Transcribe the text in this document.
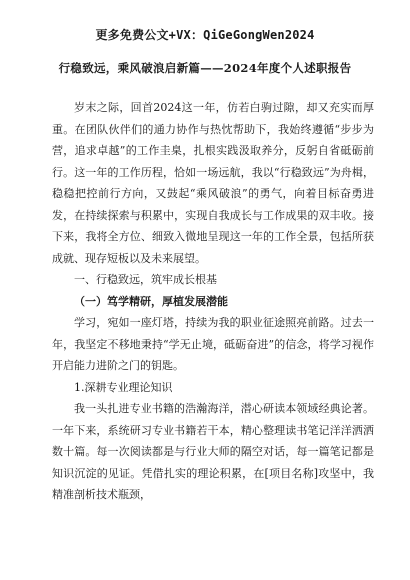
更多免费公文+VX：QiGeGongWen2024
行稳致远，乘风破浪启新篇——2024年度个人述职报告

岁末之际，回首2024这一年，仿若白驹过隙，却又充实而厚重。在团队伙伴们的通力协作与热忱帮助下，我始终遵循“步步为营，追求卓越”的工作圭臬，扎根实践汲取养分，反躬自省砥砺前行。这一年的工作历程，恰如一场远航，我以“行稳致远”为舟楫，稳稳把控前行方向，又鼓起“乘风破浪”的勇气，向着目标奋勇进发，在持续探索与积累中，实现自我成长与工作成果的双丰收。接下来，我将全方位、细致入微地呈现这一年的工作全景，包括所获成就、现存短板以及未来展望。

一、行稳致远，筑牢成长根基

（一）笃学精研，厚植发展潜能

学习，宛如一座灯塔，持续为我的职业征途照亮前路。过去一年，我坚定不移地秉持“学无止境，砥砺奋进”的信念，将学习视作开启能力进阶之门的钥匙。

1.深耕专业理论知识

我一头扎进专业书籍的浩瀚海洋，潜心研读本领域经典论著。一年下来，系统研习专业书籍若干本，精心整理读书笔记洋洋洒洒数十篇。每一次阅读都是与行业大师的隔空对话，每一篇笔记都是知识沉淀的见证。凭借扎实的理论积累，在[项目名称]攻坚中，我精准剖析技术瓶颈，
